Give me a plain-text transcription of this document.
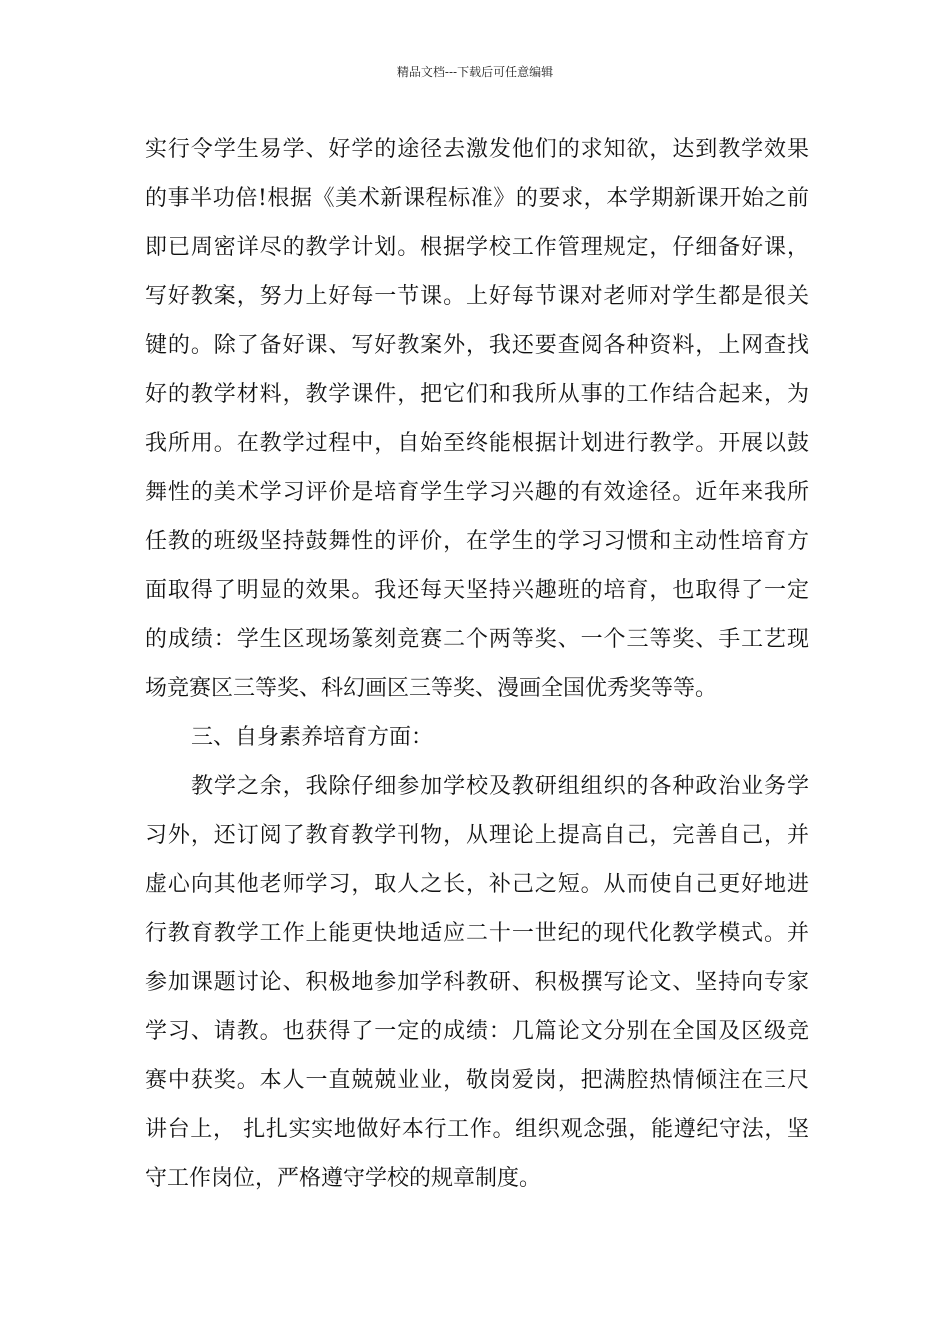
精品文档---下载后可任意编辑
实行令学生易学、好学的途径去激发他们的求知欲，达到教学效果
的事半功倍!根据《美术新课程标准》的要求，本学期新课开始之前
即已周密详尽的教学计划。根据学校工作管理规定，仔细备好课，
写好教案，努力上好每一节课。上好每节课对老师对学生都是很关
键的。除了备好课、写好教案外，我还要查阅各种资料，上网查找
好的教学材料，教学课件，把它们和我所从事的工作结合起来，为
我所用。在教学过程中，自始至终能根据计划进行教学。开展以鼓
舞性的美术学习评价是培育学生学习兴趣的有效途径。近年来我所
任教的班级坚持鼓舞性的评价，在学生的学习习惯和主动性培育方
面取得了明显的效果。我还每天坚持兴趣班的培育，也取得了一定
的成绩：学生区现场篆刻竞赛二个两等奖、一个三等奖、手工艺现
场竞赛区三等奖、科幻画区三等奖、漫画全国优秀奖等等。
三、自身素养培育方面：
教学之余，我除仔细参加学校及教研组组织的各种政治业务学
习外，还订阅了教育教学刊物，从理论上提高自己，完善自己，并
虚心向其他老师学习，取人之长，补己之短。从而使自己更好地进
行教育教学工作上能更快地适应二十一世纪的现代化教学模式。并
参加课题讨论、积极地参加学科教研、积极撰写论文、坚持向专家
学习、请教。也获得了一定的成绩：几篇论文分别在全国及区级竞
赛中获奖。本人一直兢兢业业，敬岗爱岗，把满腔热情倾注在三尺
讲台上， 扎扎实实地做好本行工作。组织观念强，能遵纪守法，坚
守工作岗位，严格遵守学校的规章制度。
